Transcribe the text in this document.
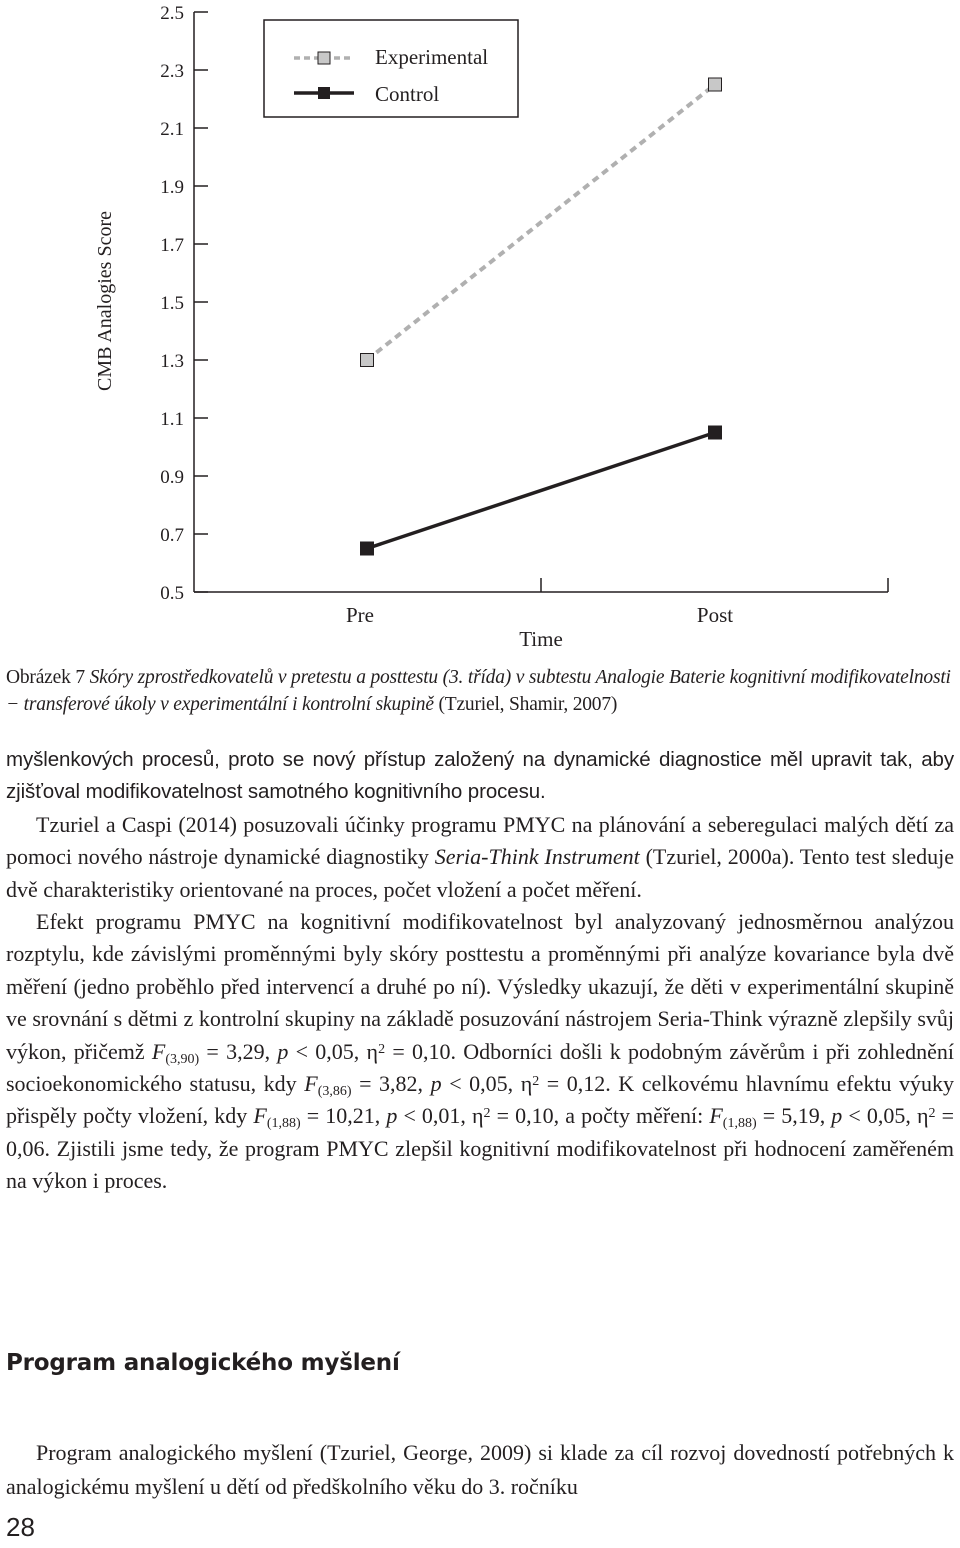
2.5
2.3
2.1
1.9
1.7
1.5
1.3
1.1
0.9
0.7
0.5
Pre	Post
CMB Analogies Score
Time
Experimental
Control
Obrázek 7 Skóry zprostředkovatelů v pretestu a posttestu (3. třída) v subtestu Analogie Baterie kognitivní modifikovatelnosti − transferové úkoly v experimentální i kontrolní skupině (Tzuriel, Shamir, 2007)

myšlenkových procesů, proto se nový přístup založený na dynamické diagnostice měl upravit tak, aby zjišťoval modifikovatelnost samotného kognitivního procesu.

Tzuriel a Caspi (2014) posuzovali účinky programu PMYC na plánování a seberegulaci malých dětí za pomoci nového nástroje dynamické diagnostiky Seria-Think Instrument (Tzuriel, 2000a). Tento test sleduje dvě charakteristiky orientované na proces, počet vložení a počet měření.

Efekt programu PMYC na kognitivní modifikovatelnost byl analyzovaný jednosměrnou analýzou rozptylu, kde závislými proměnnými byly skóry posttestu a proměnnými při analýze kovariance byla dvě měření (jedno proběhlo před intervencí a druhé po ní). Výsledky ukazují, že děti v experimentální skupině ve srovnání s dětmi z kontrolní skupiny na základě posuzování nástrojem Seria-Think výrazně zlepšily svůj výkon, přičemž $F_{(3,90)} = 3,29$, p < 0,05, $\eta^2 = 0,10$. Odborníci došli k podobným závěrům i při zohlednění socioekonomického statusu, kdy $F_{(3,86)} = 3,82$, p < 0,05, $\eta^2 = 0,12$. K celkovému hlavnímu efektu výuky přispěly počty vložení, kdy $F_{(1,88)} = 10,21$, p < 0,01, $\eta^2 = 0,10$, a počty měření: $F_{(1,88)} = 5,19$, p < 0,05, $\eta^2 = 0,06$. Zjistili jsme tedy, že program PMYC zlepšil kognitivní modifikovatelnost při hodnocení zaměřeném na výkon i proces.

Program analogického myšlení

Program analogického myšlení (Tzuriel, George, 2009) si klade za cíl rozvoj dovedností potřebných k analogickému myšlení u dětí od předškolního věku do 3. ročníku

28
